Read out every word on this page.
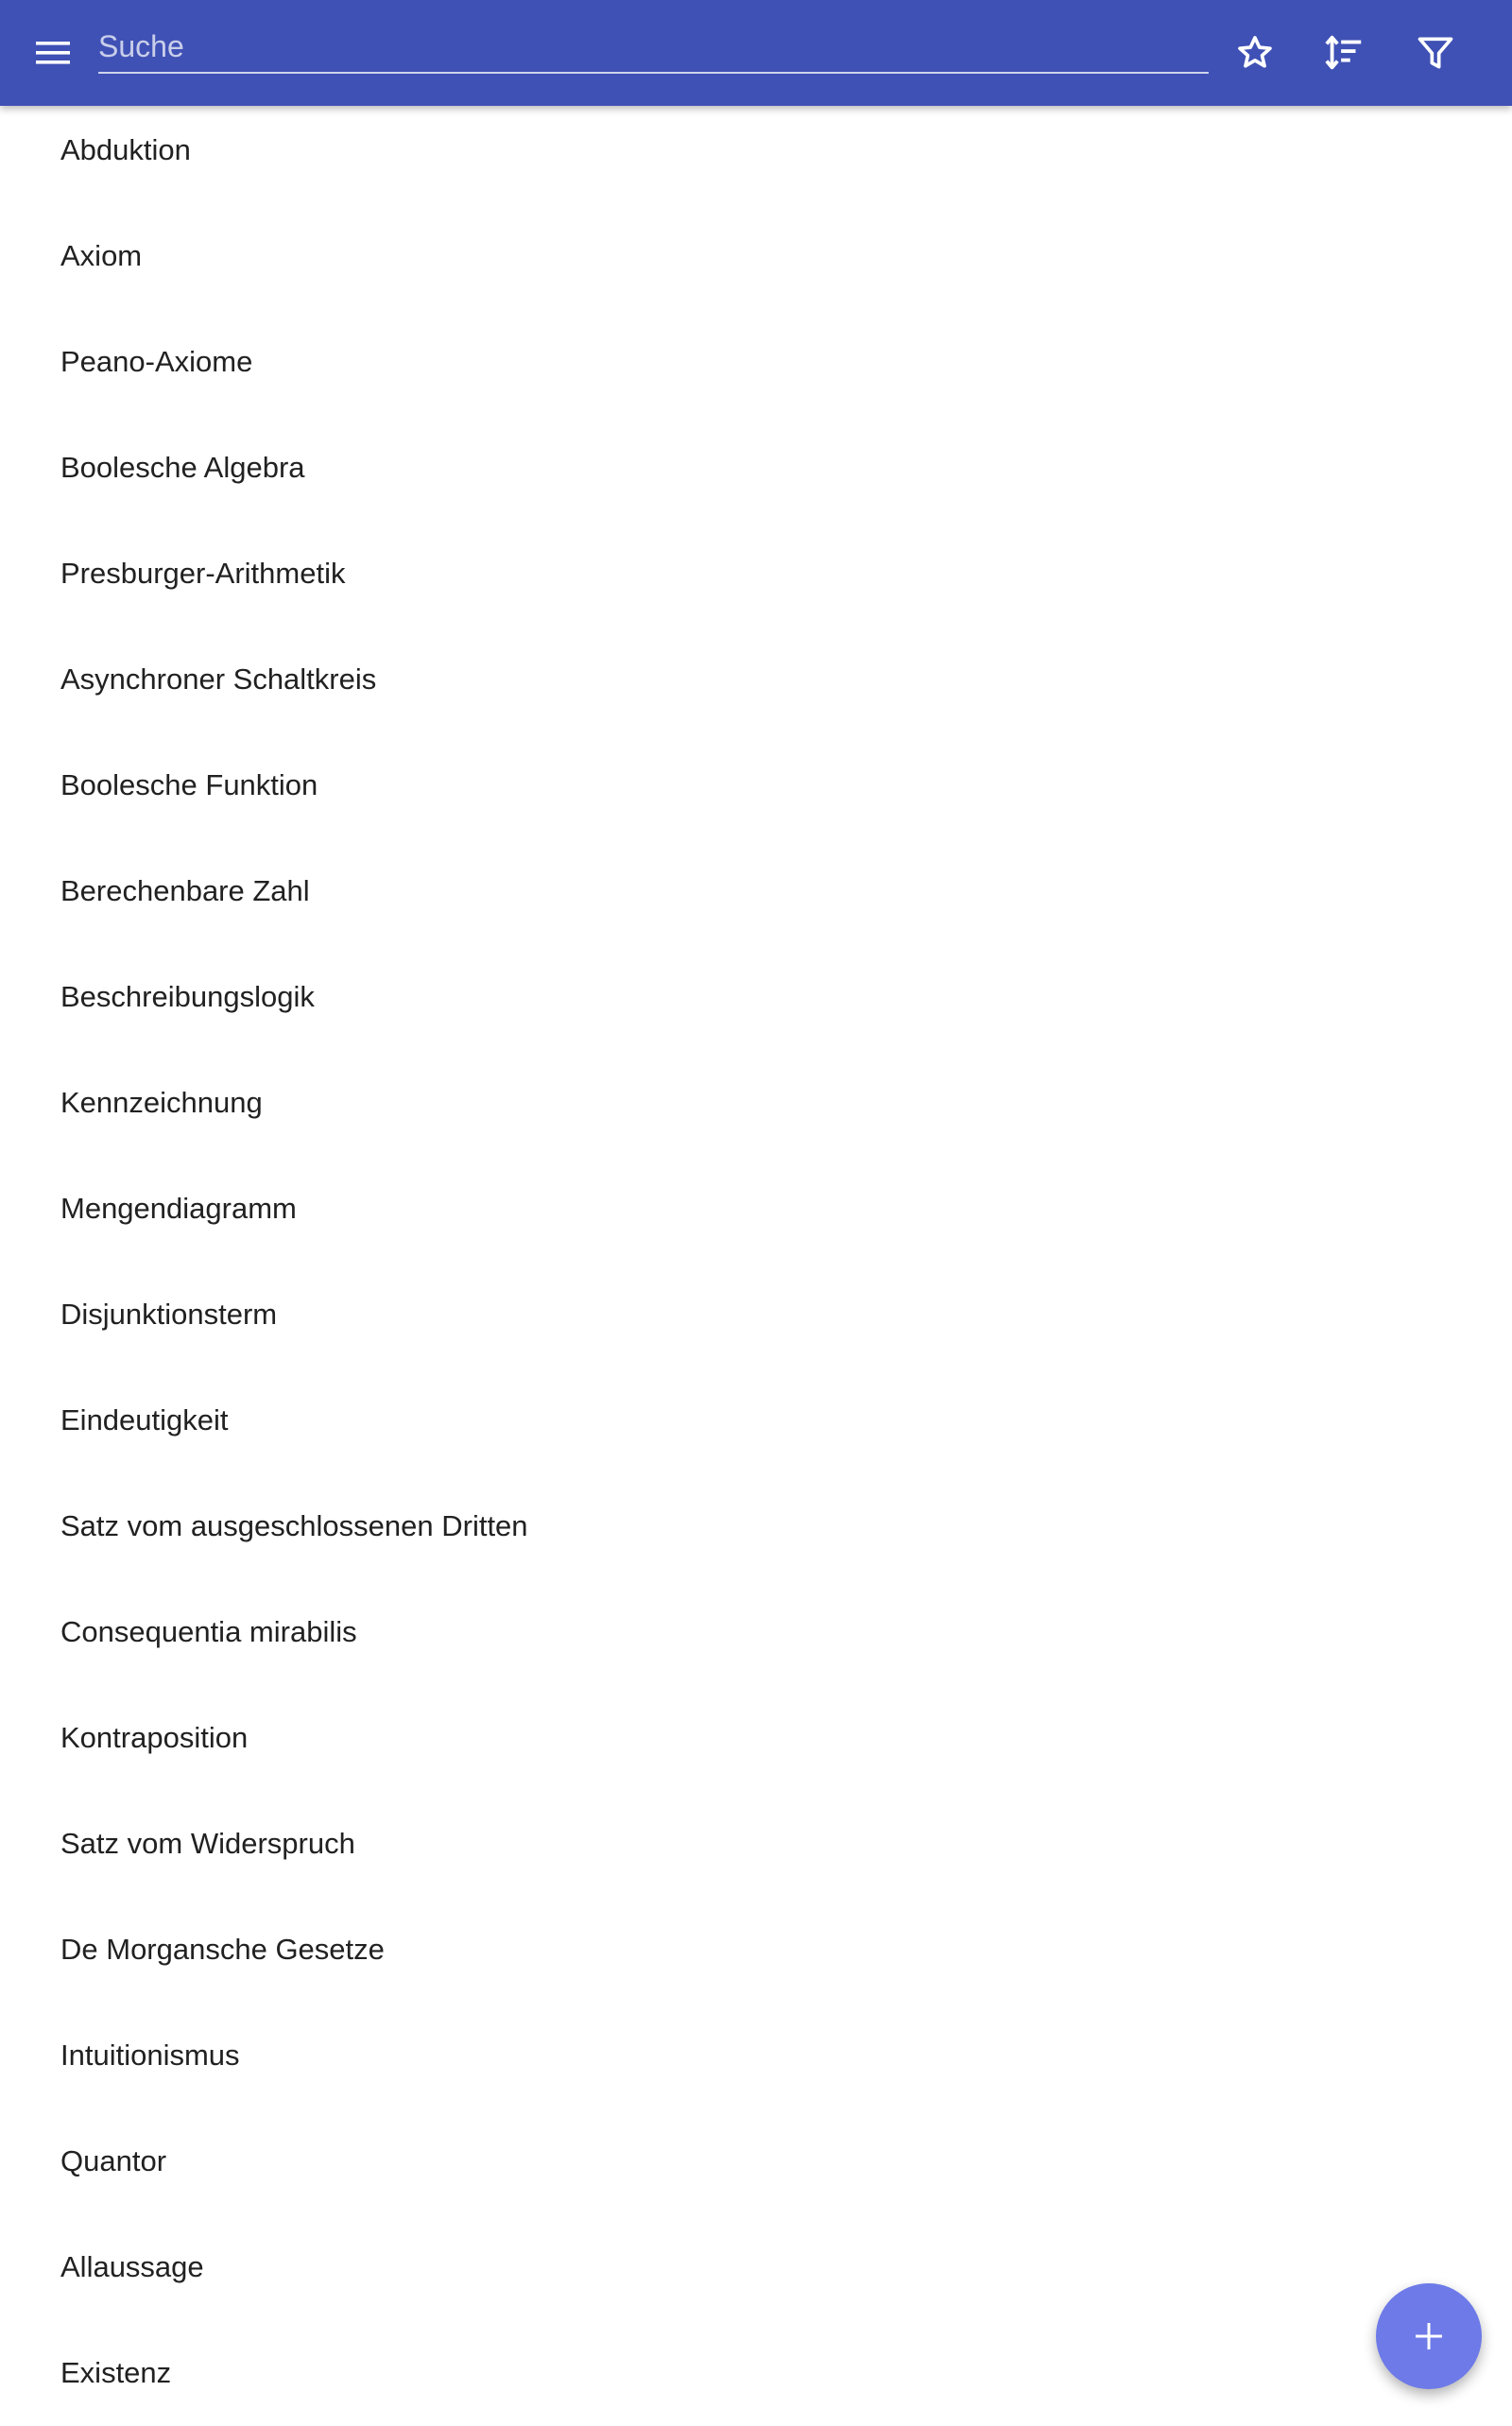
Suche
Abduktion
Axiom
Peano-Axiome
Boolesche Algebra
Presburger-Arithmetik
Asynchroner Schaltkreis
Boolesche Funktion
Berechenbare Zahl
Beschreibungslogik
Kennzeichnung
Mengendiagramm
Disjunktionsterm
Eindeutigkeit
Satz vom ausgeschlossenen Dritten
Consequentia mirabilis
Kontraposition
Satz vom Widerspruch
De Morgansche Gesetze
Intuitionismus
Quantor
Allaussage
Existenz
